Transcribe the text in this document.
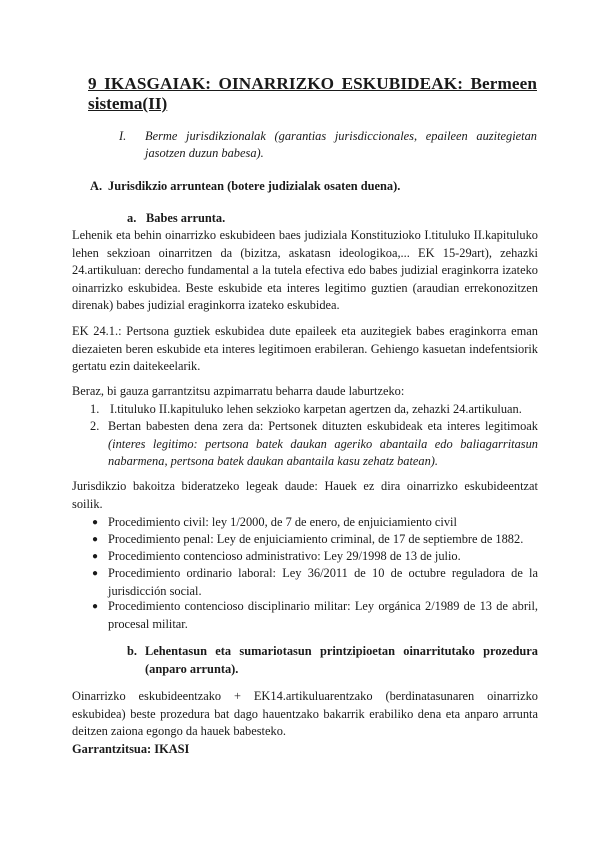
9 IKASGAIAK: OINARRIZKO ESKUBIDEAK: Bermeen
sistema(II)
I. Berme jurisdikzionalak (garantias jurisdiccionales, epaileen auzitegietan
jasotzen duzun babesa).
A. Jurisdikzio arruntean (botere judizialak osaten duena).
a. Babes arrunta.
Lehenik eta behin oinarrizko eskubideen baes judiziala Konstituzioko I.tituluko II.kapituluko
lehen sekzioan oinarritzen da (bizitza, askatasn ideologikoa,... EK 15-29art), zehazki
24.artikuluan: derecho fundamental a la tutela efectiva edo babes judizial eraginkorra izateko
oinarrizko eskubidea. Beste eskubide eta interes legitimo guztien (araudian errekonozitzen
direnak) babes judizial eraginkorra izateko eskubidea.
EK 24.1.: Pertsona guztiek eskubidea dute epaileek eta auzitegiek babes eraginkorra eman
diezaieten beren eskubide eta interes legitimoen erabileran. Gehiengo kasuetan indefentsiorik
gertatu ezin daitekeelarik.
Beraz, bi gauza garrantzitsu azpimarratu beharra daude laburtzeko:
1. I.tituluko II.kapituluko lehen sekzioko karpetan agertzen da, zehazki 24.artikuluan.
2. Bertan babesten dena zera da: Pertsonek dituzten eskubideak eta interes legitimoak
(interes legitimo: pertsona batek daukan ageriko abantaila edo baliagarritasun
nabarmena, pertsona batek daukan abantaila kasu zehatz batean).
Jurisdikzio bakoitza bideratzeko legeak daude: Hauek ez dira oinarrizko eskubideentzat
soilik.
● Procedimiento civil: ley 1/2000, de 7 de enero, de enjuiciamiento civil
● Procedimiento penal: Ley de enjuiciamiento criminal, de 17 de septiembre de 1882.
● Procedimiento contencioso administrativo: Ley 29/1998 de 13 de julio.
● Procedimiento ordinario laboral: Ley 36/2011 de 10 de octubre reguladora de la
jurisdicción social.
● Procedimiento contencioso disciplinario militar: Ley orgánica 2/1989 de 13 de abril,
procesal militar.
b. Lehentasun eta sumariotasun printzipioetan oinarritutako prozedura
(anparo arrunta).
Oinarrizko eskubideentzako + EK14.artikuluarentzako (berdinatasunaren oinarrizko
eskubidea) beste prozedura bat dago hauentzako bakarrik erabiliko dena eta anparo arrunta
deitzen zaiona egongo da hauek babesteko.
Garrantzitsua: IKASI
